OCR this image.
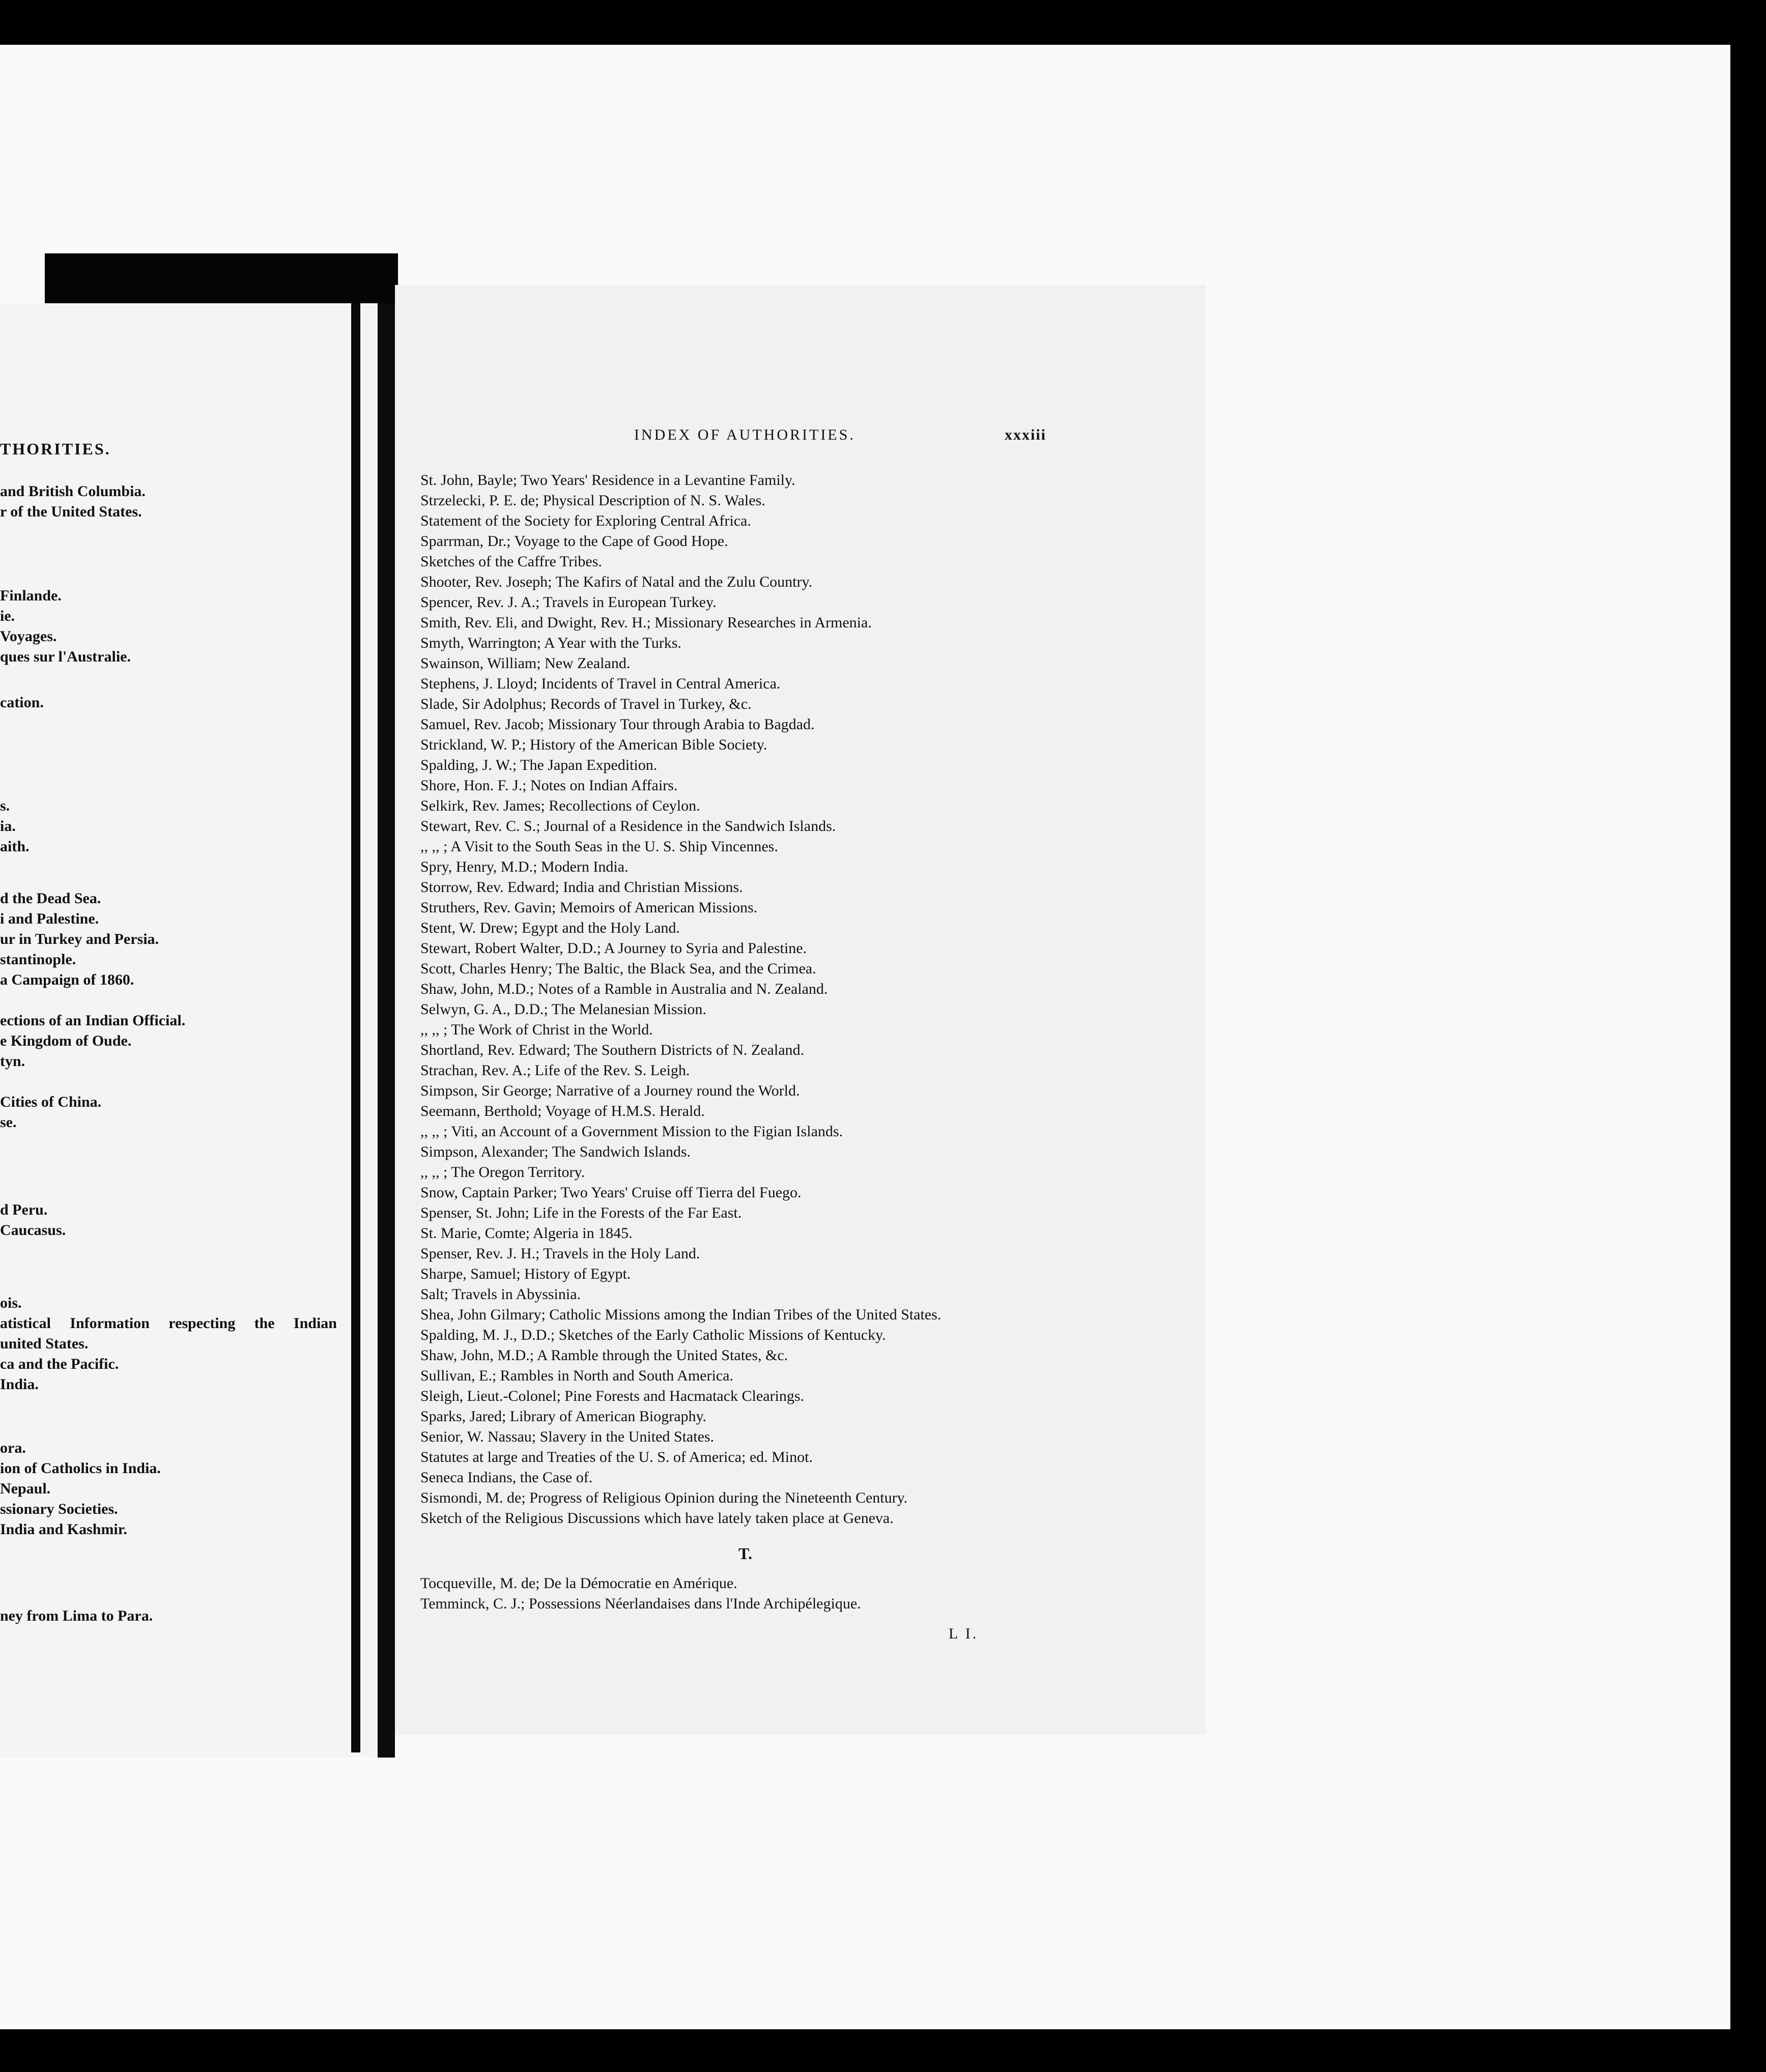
THORITIES.
and British Columbia.
r of the United States.
Finlande.
ie.
Voyages.
ques sur l'Australie.
cation.
s.
ia.
aith.
d the Dead Sea.
i and Palestine.
ur in Turkey and Persia.
stantinople.
a Campaign of 1860.
ections of an Indian Official.
e Kingdom of Oude.
tyn.
Cities of China.
se.
d Peru.
Caucasus.
ois.
united States.
ca and the Pacific.
India.
ora.
ion of Catholics in India.
Nepaul.
ssionary Societies.
India and Kashmir.
ney from Lima to Para.
atistical Information respecting the Indian
INDEX OF AUTHORITIES.	xxxiii
St. John, Bayle; Two Years' Residence in a Levantine Family.
Strzelecki, P. E. de; Physical Description of N. S. Wales.
Statement of the Society for Exploring Central Africa.
Sparrman, Dr.; Voyage to the Cape of Good Hope.
Sketches of the Caffre Tribes.
Shooter, Rev. Joseph; The Kafirs of Natal and the Zulu Country.
Spencer, Rev. J. A.; Travels in European Turkey.
Smith, Rev. Eli, and Dwight, Rev. H.; Missionary Researches in Armenia.
Smyth, Warrington; A Year with the Turks.
Swainson, William; New Zealand.
Stephens, J. Lloyd; Incidents of Travel in Central America.
Slade, Sir Adolphus; Records of Travel in Turkey, &c.
Samuel, Rev. Jacob; Missionary Tour through Arabia to Bagdad.
Strickland, W. P.; History of the American Bible Society.
Spalding, J. W.; The Japan Expedition.
Shore, Hon. F. J.; Notes on Indian Affairs.
Selkirk, Rev. James; Recollections of Ceylon.
Stewart, Rev. C. S.; Journal of a Residence in the Sandwich Islands.
,, ,, ; A Visit to the South Seas in the U. S. Ship Vincennes.
Spry, Henry, M.D.; Modern India.
Storrow, Rev. Edward; India and Christian Missions.
Struthers, Rev. Gavin; Memoirs of American Missions.
Stent, W. Drew; Egypt and the Holy Land.
Stewart, Robert Walter, D.D.; A Journey to Syria and Palestine.
Scott, Charles Henry; The Baltic, the Black Sea, and the Crimea.
Shaw, John, M.D.; Notes of a Ramble in Australia and N. Zealand.
Selwyn, G. A., D.D.; The Melanesian Mission.
,, ,, ; The Work of Christ in the World.
Shortland, Rev. Edward; The Southern Districts of N. Zealand.
Strachan, Rev. A.; Life of the Rev. S. Leigh.
Simpson, Sir George; Narrative of a Journey round the World.
Seemann, Berthold; Voyage of H.M.S. Herald.
,, ,, ; Viti, an Account of a Government Mission to the Figian Islands.
Simpson, Alexander; The Sandwich Islands.
,, ,, ; The Oregon Territory.
Snow, Captain Parker; Two Years' Cruise off Tierra del Fuego.
Spenser, St. John; Life in the Forests of the Far East.
St. Marie, Comte; Algeria in 1845.
Spenser, Rev. J. H.; Travels in the Holy Land.
Sharpe, Samuel; History of Egypt.
Salt; Travels in Abyssinia.
Shea, John Gilmary; Catholic Missions among the Indian Tribes of the United States.
Spalding, M. J., D.D.; Sketches of the Early Catholic Missions of Kentucky.
Shaw, John, M.D.; A Ramble through the United States, &c.
Sullivan, E.; Rambles in North and South America.
Sleigh, Lieut.-Colonel; Pine Forests and Hacmatack Clearings.
Sparks, Jared; Library of American Biography.
Senior, W. Nassau; Slavery in the United States.
Statutes at large and Treaties of the U. S. of America; ed. Minot.
Seneca Indians, the Case of.
Sismondi, M. de; Progress of Religious Opinion during the Nineteenth Century.
Sketch of the Religious Discussions which have lately taken place at Geneva.
T.
Tocqueville, M. de; De la Démocratie en Amérique.
Temminck, C. J.; Possessions Néerlandaises dans l'Inde Archipélegique.
L I.
